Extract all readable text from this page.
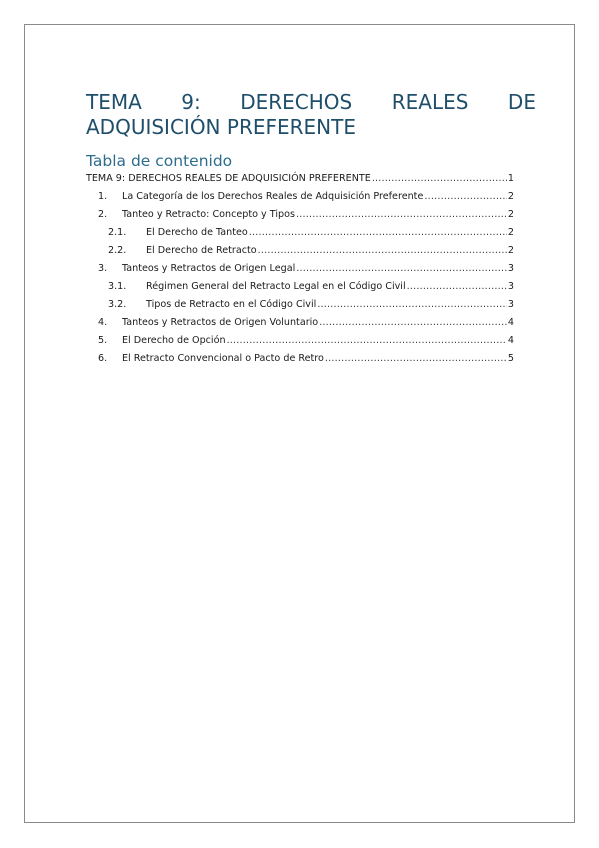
TEMA 9: DERECHOS REALES DE
ADQUISICIÓN PREFERENTE
Tabla de contenido
TEMA 9: DERECHOS REALES DE ADQUISICIÓN PREFERENTE .....	1
1.	La Categoría de los Derechos Reales de Adquisición Preferente .....	2
2.	Tanteo y Retracto: Concepto y Tipos .....	2
2.1.	El Derecho de Tanteo .....	2
2.2.	El Derecho de Retracto .....	2
3.	Tanteos y Retractos de Origen Legal .....	3
3.1.	Régimen General del Retracto Legal en el Código Civil .....	3
3.2.	Tipos de Retracto en el Código Civil .....	3
4.	Tanteos y Retractos de Origen Voluntario .....	4
5.	El Derecho de Opción .....	4
6.	El Retracto Convencional o Pacto de Retro .....	5
